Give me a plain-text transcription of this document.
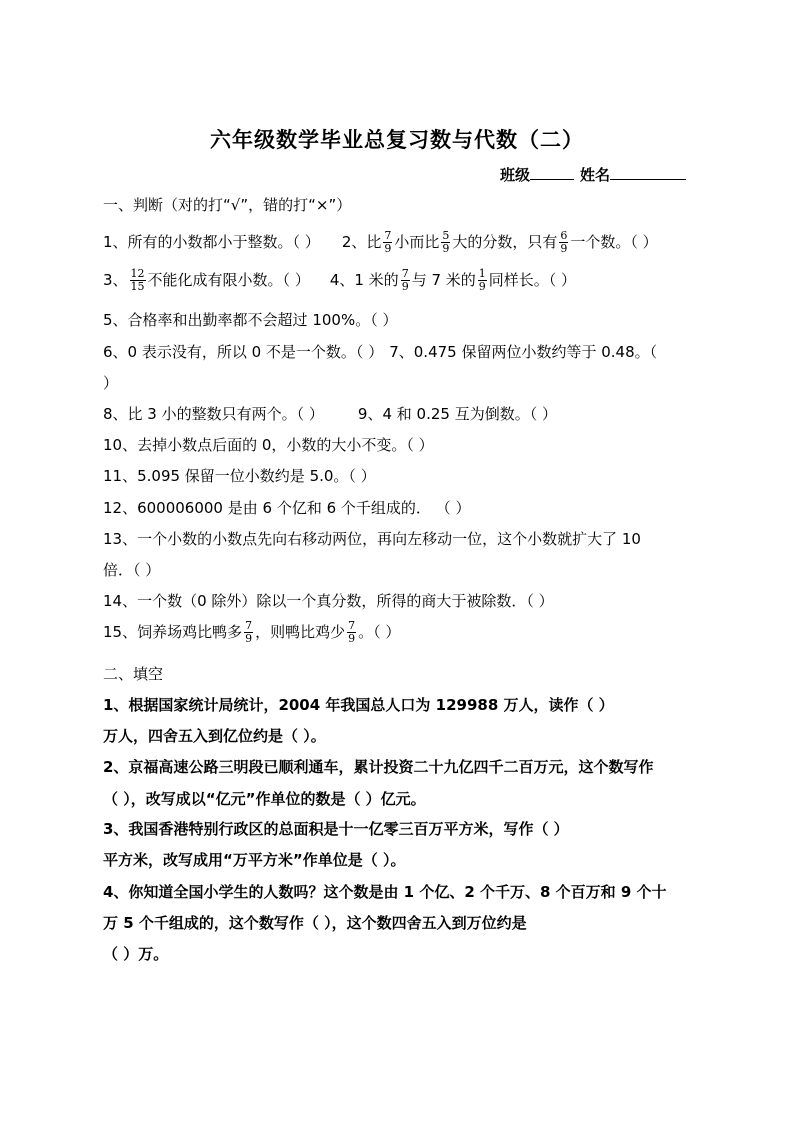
六年级数学毕业总复习数与代数（二）
班级	姓名
一、判断（对的打“√”，错的打“×”）
1、所有的小数都小于整数。（ ） 2、比 $\frac{7}{9}$ 小而比 $\frac{5}{9}$ 大的分数，只有 $\frac{6}{9}$ 一个数。（ ）
3、 $\frac{12}{15}$ 不能化成有限小数。（ ） 4、1 米的 $\frac{7}{9}$ 与 7 米的 $\frac{1}{9}$ 同样长。（ ）
5、合格率和出勤率都不会超过 100%。（ ）
6、0 表示没有，所以 0 不是一个数。（ ） 7、0.475 保留两位小数约等于 0.48。（
）
8、比 3 小的整数只有两个。（ ） 9、4 和 0.25 互为倒数。（ ）
10、去掉小数点后面的 0，小数的大小不变。（ ）
11、5.095 保留一位小数约是 5.0。（ ）
12、600006000 是由 6 个亿和 6 个千组成的． （ ）
13、一个小数的小数点先向右移动两位，再向左移动一位，这个小数就扩大了 10
倍．（ ）
14、一个数（0 除外）除以一个真分数，所得的商大于被除数．（ ）
15、饲养场鸡比鸭多 $\frac{7}{9}$ ，则鸭比鸡少 $\frac{7}{9}$ 。（ ）
二、填空
1、根据国家统计局统计，2004 年我国总人口为 129988 万人，读作（ ）
万人，四舍五入到亿位约是（ ）。
2、京福高速公路三明段已顺利通车，累计投资二十九亿四千二百万元，这个数写作
（ ），改写成以“亿元”作单位的数是（ ）亿元。
3、我国香港特别行政区的总面积是十一亿零三百万平方米，写作（ ）
平方米，改写成用“万平方米”作单位是（ ）。
4、你知道全国小学生的人数吗？这个数是由 1 个亿、2 个千万、8 个百万和 9 个十
万 5 个千组成的，这个数写作（ ），这个数四舍五入到万位约是
（ ）万。
